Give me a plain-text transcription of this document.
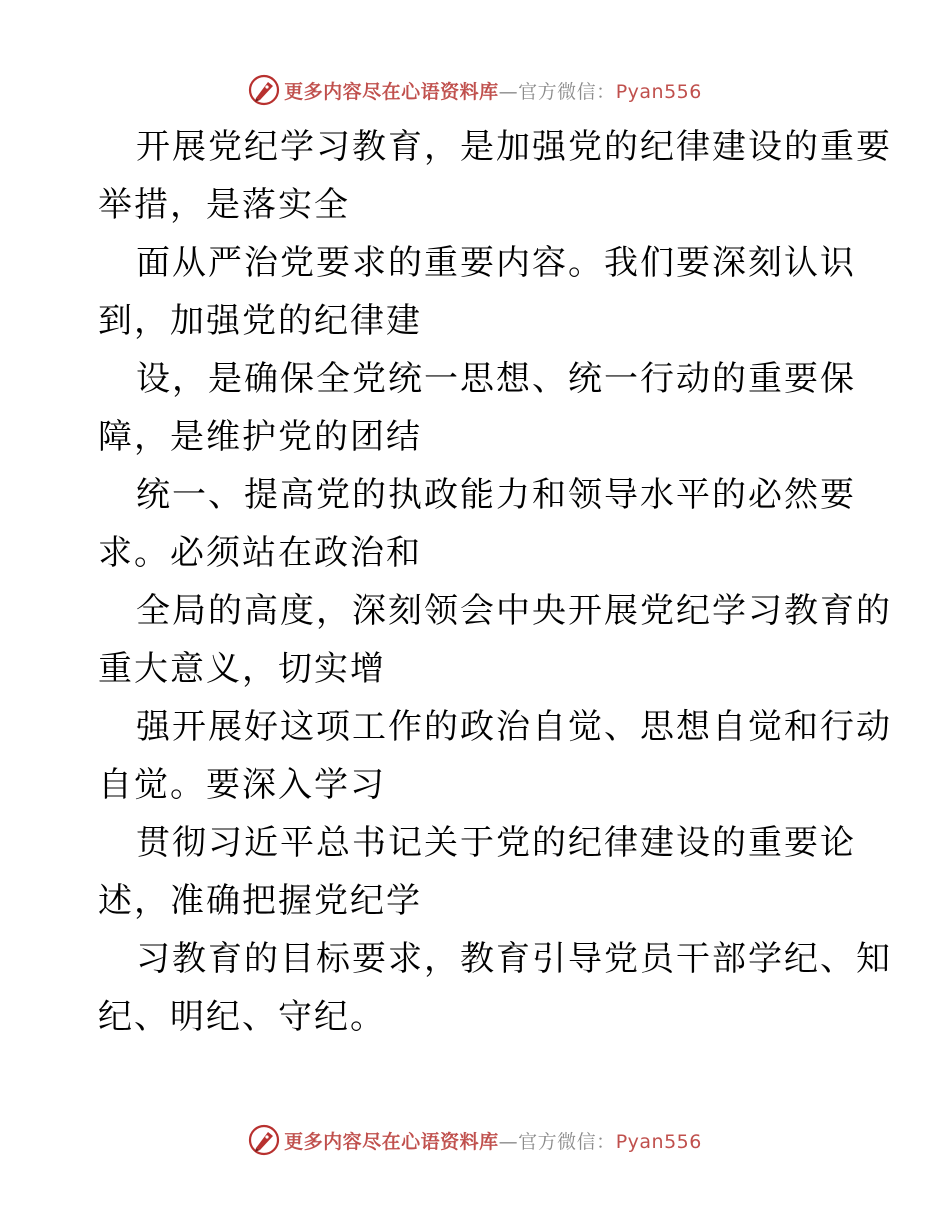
更多内容尽在心语资料库—官方微信：Pyan556
开展党纪学习教育，是加强党的纪律建设的重要
举措，是落实全
面从严治党要求的重要内容。我们要深刻认识
到，加强党的纪律建
设，是确保全党统一思想、统一行动的重要保
障，是维护党的团结
统一、提高党的执政能力和领导水平的必然要
求。必须站在政治和
全局的高度，深刻领会中央开展党纪学习教育的
重大意义，切实增
强开展好这项工作的政治自觉、思想自觉和行动
自觉。要深入学习
贯彻习近平总书记关于党的纪律建设的重要论
述，准确把握党纪学
习教育的目标要求，教育引导党员干部学纪、知
纪、明纪、守纪。
更多内容尽在心语资料库—官方微信：Pyan556
